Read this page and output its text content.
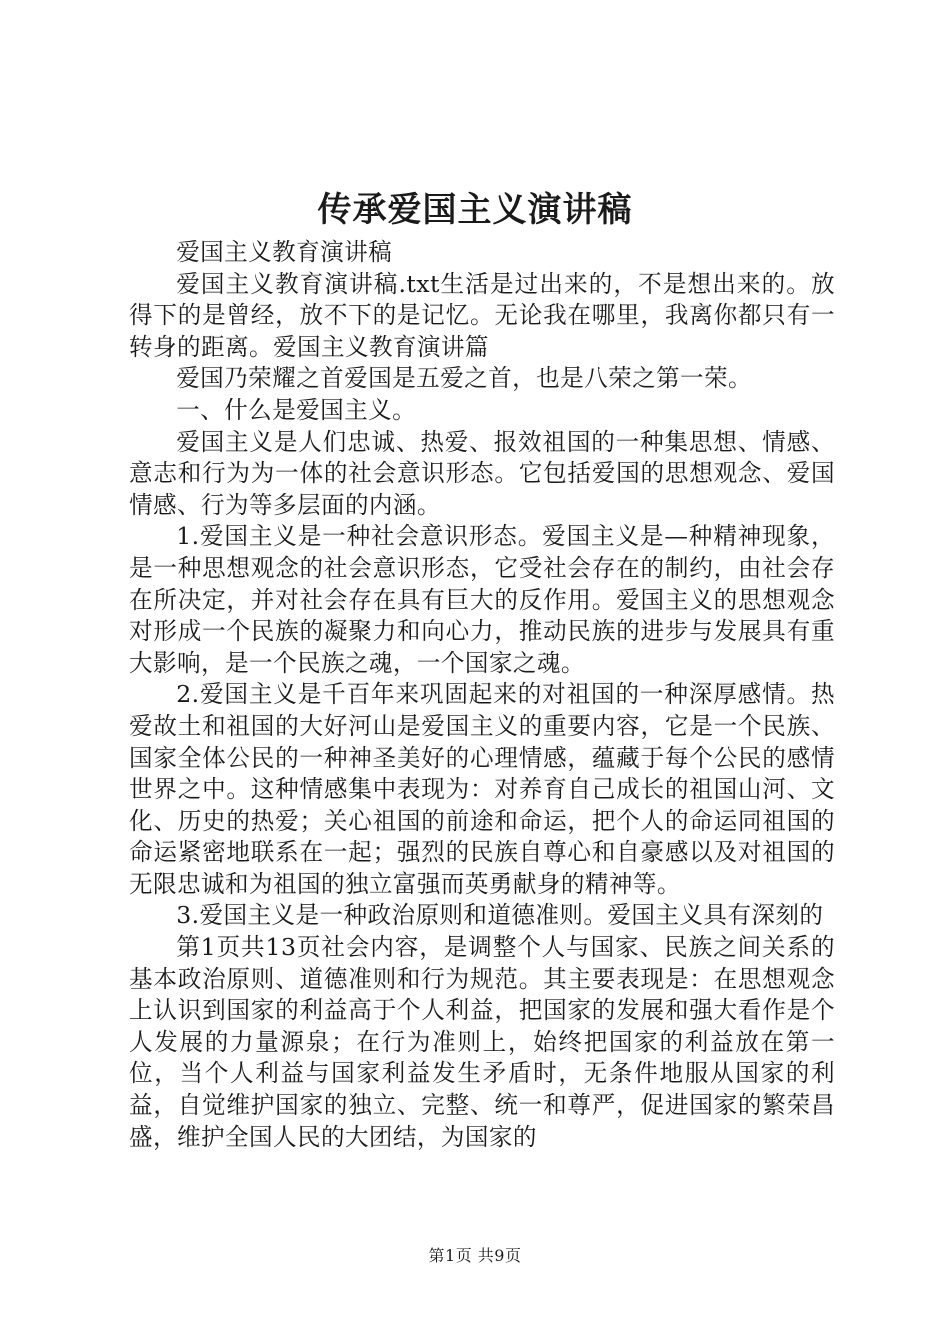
传承爱国主义演讲稿

爱国主义教育演讲稿

爱国主义教育演讲稿.txt生活是过出来的，不是想出来的。放得下的是曾经，放不下的是记忆。无论我在哪里，我离你都只有一转身的距离。爱国主义教育演讲篇

爱国乃荣耀之首爱国是五爱之首，也是八荣之第一荣。

一、什么是爱国主义。

爱国主义是人们忠诚、热爱、报效祖国的一种集思想、情感、意志和行为为一体的社会意识形态。它包括爱国的思想观念、爱国情感、行为等多层面的内涵。

1.爱国主义是一种社会意识形态。爱国主义是—种精神现象，是一种思想观念的社会意识形态，它受社会存在的制约，由社会存在所决定，并对社会存在具有巨大的反作用。爱国主义的思想观念对形成一个民族的凝聚力和向心力，推动民族的进步与发展具有重大影响，是一个民族之魂，一个国家之魂。

2.爱国主义是千百年来巩固起来的对祖国的一种深厚感情。热爱故土和祖国的大好河山是爱国主义的重要内容，它是一个民族、国家全体公民的一种神圣美好的心理情感，蕴藏于每个公民的感情世界之中。这种情感集中表现为：对养育自己成长的祖国山河、文化、历史的热爱；关心祖国的前途和命运，把个人的命运同祖国的命运紧密地联系在一起；强烈的民族自尊心和自豪感以及对祖国的无限忠诚和为祖国的独立富强而英勇献身的精神等。

3.爱国主义是一种政治原则和道德准则。爱国主义具有深刻的

第1页共13页社会内容，是调整个人与国家、民族之间关系的基本政治原则、道德准则和行为规范。其主要表现是：在思想观念上认识到国家的利益高于个人利益，把国家的发展和强大看作是个人发展的力量源泉；在行为准则上，始终把国家的利益放在第一位，当个人利益与国家利益发生矛盾时，无条件地服从国家的利益，自觉维护国家的独立、完整、统一和尊严，促进国家的繁荣昌盛，维护全国人民的大团结，为国家的

第1页 共9页
